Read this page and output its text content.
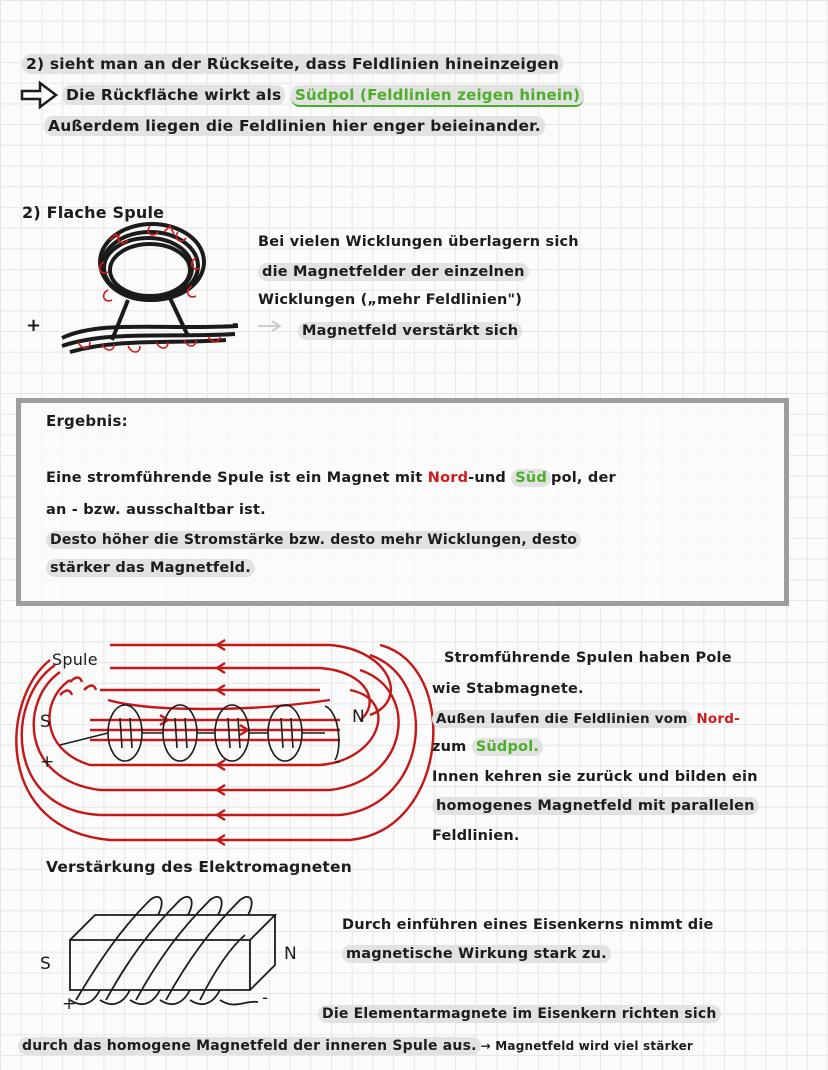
2) sieht man an der Rückseite, dass Feldlinien hineinzeigen
Die Rückfläche wirkt als Südpol (Feldlinien zeigen hinein)
Außerdem liegen die Feldlinien hier enger beieinander.
2) Flache Spule
+	-
Bei vielen Wicklungen überlagern sich
die Magnetfelder der einzelnen
Wicklungen („mehr Feldlinien")
Magnetfeld verstärkt sich
Ergebnis:
Eine stromführende Spule ist ein Magnet mit Nord-und Süd pol, der
an - bzw. ausschaltbar ist.
Desto höher die Stromstärke bzw. desto mehr Wicklungen, desto
stärker das Magnetfeld.
Spule
S	N
+	-
Stromführende Spulen haben Pole
wie Stabmagnete.
Außen laufen die Feldlinien vom Nord-
zum Südpol.
Innen kehren sie zurück und bilden ein
homogenes Magnetfeld mit parallelen
Feldlinien.
Verstärkung des Elektromagneten
S	N
+	-
Durch einführen eines Eisenkerns nimmt die
magnetische Wirkung stark zu.
Die Elementarmagnete im Eisenkern richten sich
durch das homogene Magnetfeld der inneren Spule aus. → Magnetfeld wird viel stärker
